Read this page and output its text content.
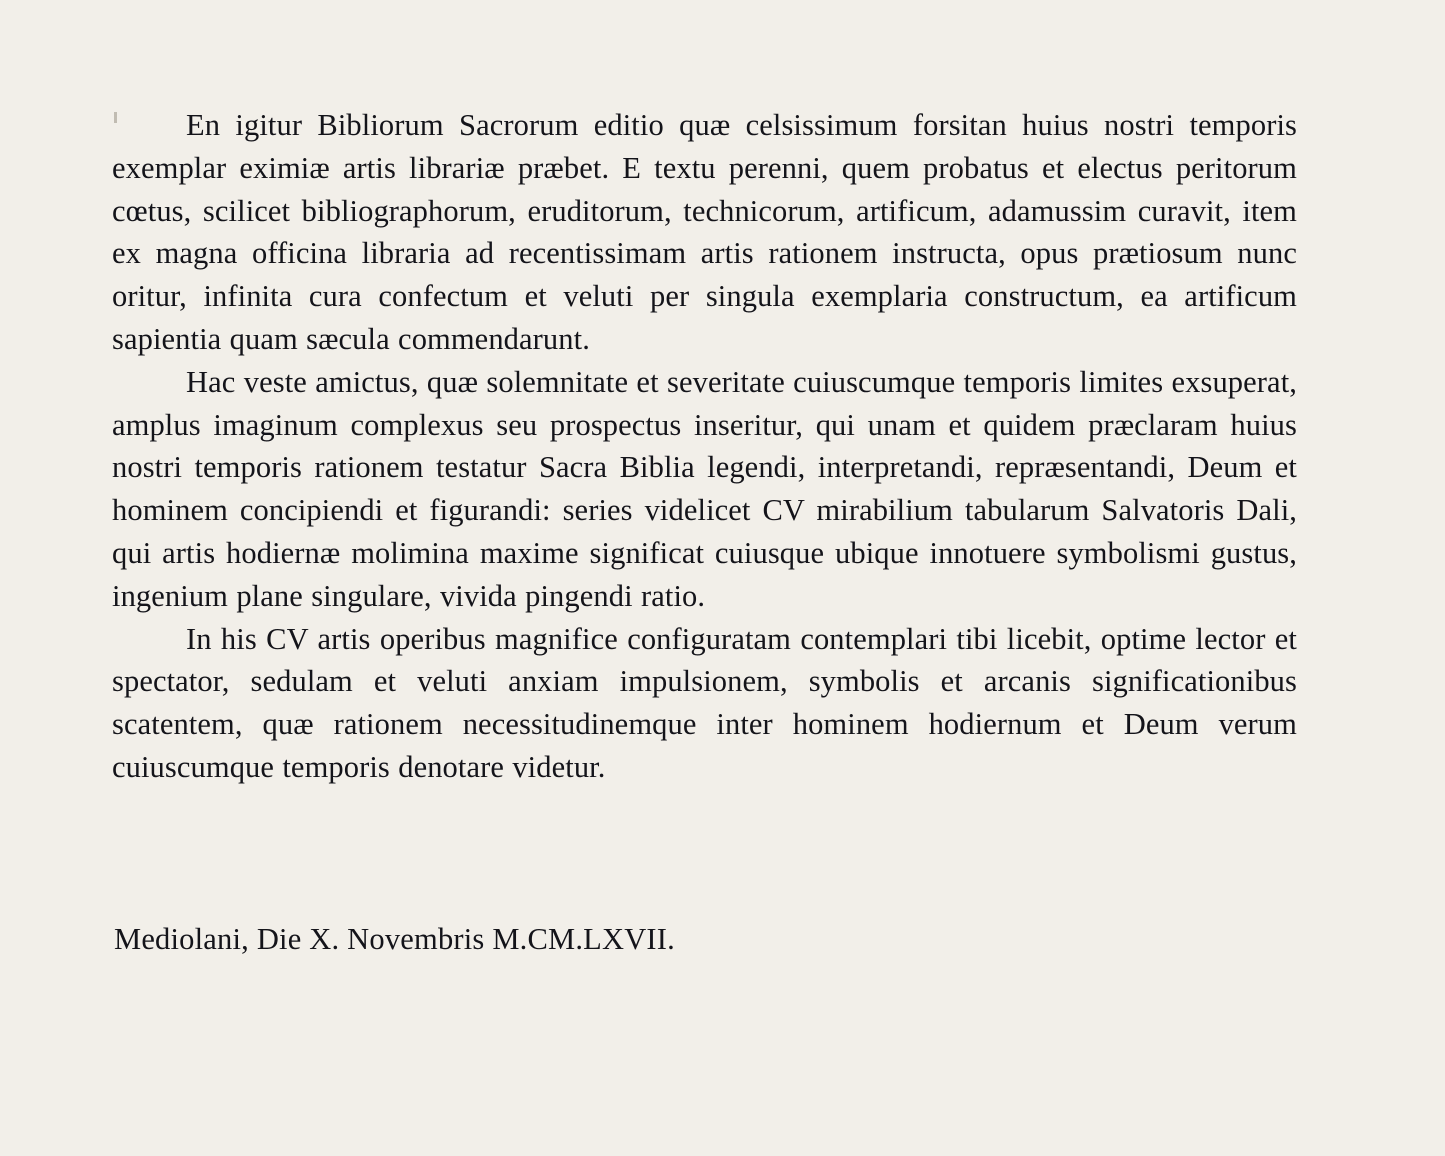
En igitur Bibliorum Sacrorum editio quæ celsissimum forsitan huius nostri temporis exemplar eximiæ artis librariæ præbet. E textu perenni, quem probatus et electus peritorum cœtus, scilicet bibliographorum, eruditorum, technicorum, artificum, adamussim curavit, item ex magna officina libraria ad recentissimam artis rationem instructa, opus prætiosum nunc oritur, infinita cura confectum et veluti per singula exemplaria constructum, ea artificum sapientia quam sæcula commendarunt.

Hac veste amictus, quæ solemnitate et severitate cuiuscumque temporis limites exsuperat, amplus imaginum complexus seu prospectus inseritur, qui unam et quidem præclaram huius nostri temporis rationem testatur Sacra Biblia legendi, interpretandi, repræsentandi, Deum et hominem concipiendi et figurandi: series videlicet CV mirabilium tabularum Salvatoris Dali, qui artis hodiernæ molimina maxime significat cuiusque ubique innotuere symbolismi gustus, ingenium plane singulare, vivida pingendi ratio.

In his CV artis operibus magnifice configuratam contemplari tibi licebit, optime lector et spectator, sedulam et veluti anxiam impulsionem, symbolis et arcanis significationibus scatentem, quæ rationem necessitudinemque inter hominem hodiernum et Deum verum cuiuscumque temporis denotare videtur.

Mediolani, Die X. Novembris M.CM.LXVII.
